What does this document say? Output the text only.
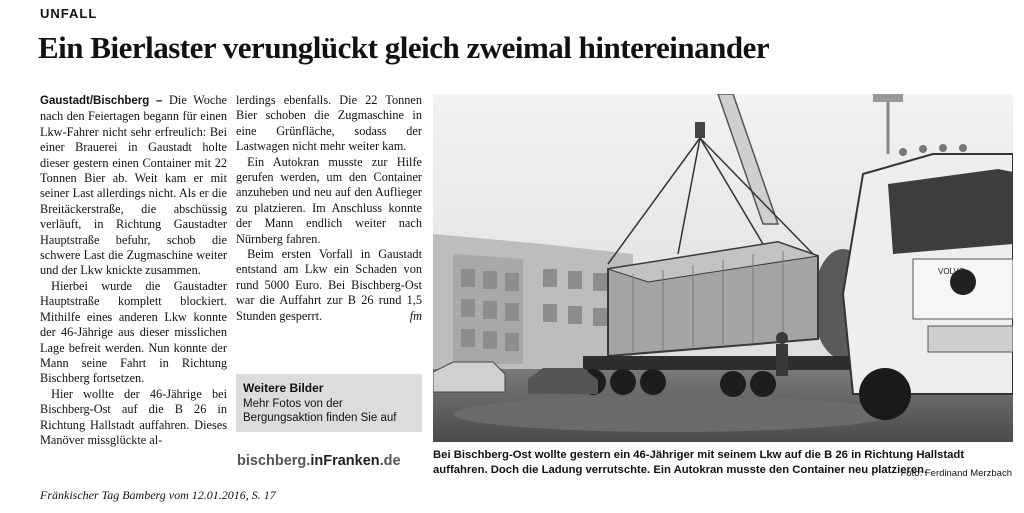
UNFALL
Ein Bierlaster verunglückt gleich zweimal hintereinander

Gaustadt/Bischberg – Die Woche nach den Feiertagen begann für einen Lkw-Fahrer nicht sehr erfreulich: Bei einer Brauerei in Gaustadt holte dieser gestern einen Container mit 22 Tonnen Bier ab. Weit kam er mit seiner Last allerdings nicht. Als er die Breitäckerstraße, die abschüssig verläuft, in Richtung Gaustadter Hauptstraße befuhr, schob die schwere Last die Zugmaschine weiter und der Lkw knickte zusammen.

Hierbei wurde die Gaustadter Hauptstraße komplett blockiert. Mithilfe eines anderen Lkw konnte der 46-Jährige aus dieser misslichen Lage befreit werden. Nun konnte der Mann seine Fahrt in Richtung Bischberg fortsetzen.

Hier wollte der 46-Jährige bei Bischberg-Ost auf die B 26 in Richtung Hallstadt auffahren. Dieses Manöver missglückte al-

lerdings ebenfalls. Die 22 Tonnen Bier schoben die Zugmaschine in eine Grünfläche, sodass der Lastwagen nicht mehr weiter kam.

Ein Autokran musste zur Hilfe gerufen werden, um den Container anzuheben und neu auf den Auflieger zu platzieren. Im Anschluss konnte der Mann endlich weiter nach Nürnberg fahren.

Beim ersten Vorfall in Gaustadt entstand am Lkw ein Schaden von rund 5000 Euro. Bei Bischberg-Ost war die Auffahrt zur B 26 rund 1,5 Stunden gesperrt.	fm
Weitere Bilder
Mehr Fotos von der Bergungsaktion finden Sie auf
bischberg.inFranken.de
VOLVO
Bei Bischberg-Ost wollte gestern ein 46-Jähriger mit seinem Lkw auf die B 26 in Richtung Hallstadt auffahren. Doch die Ladung verrutschte. Ein Autokran musste den Container neu platzieren.
Foto: Ferdinand Merzbach
Fränkischer Tag Bamberg vom 12.01.2016, S. 17
